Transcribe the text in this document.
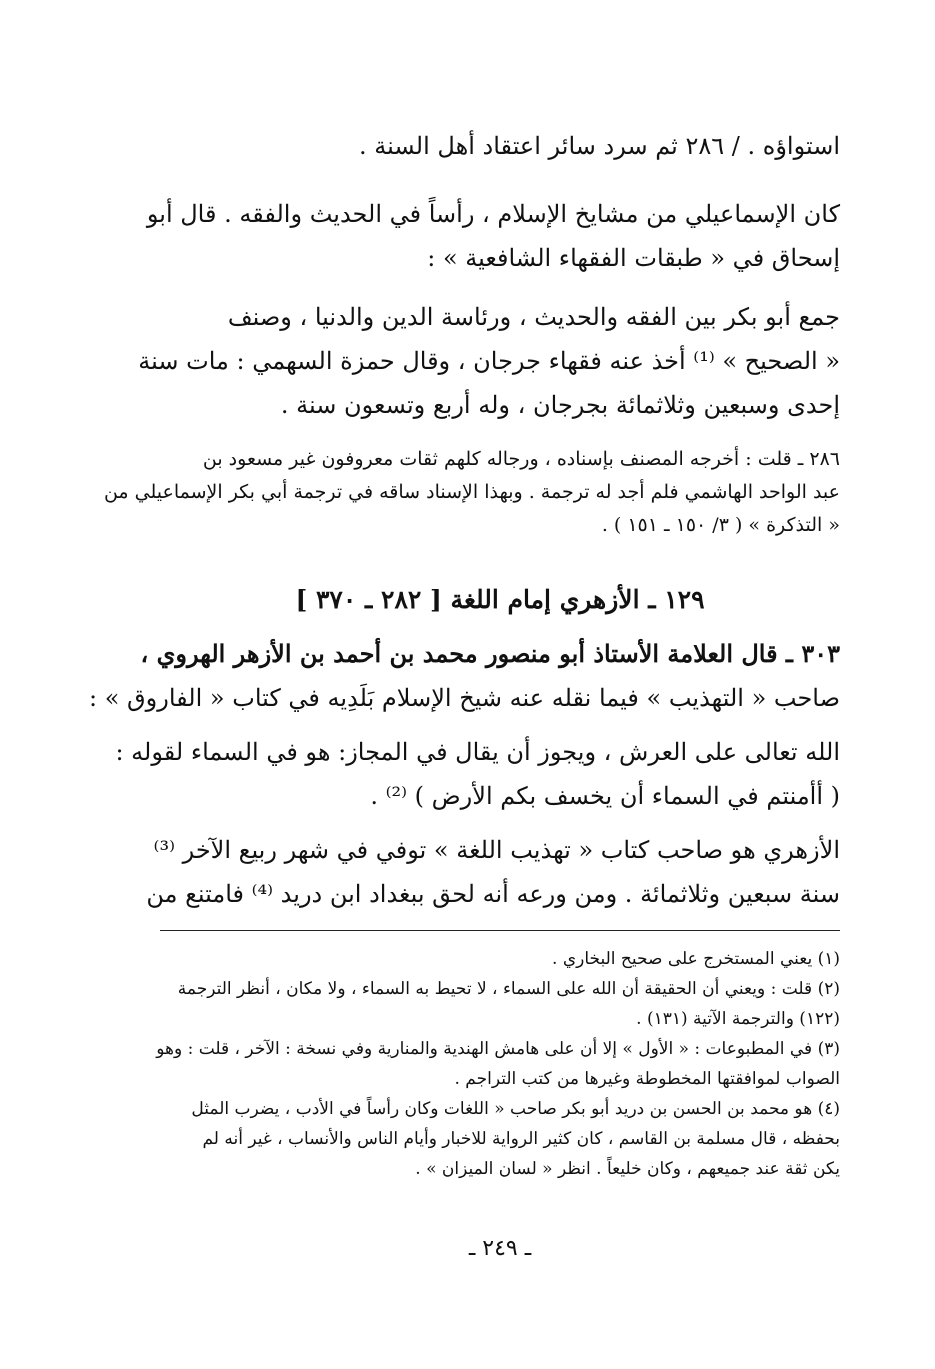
استواؤه . / ٢٨٦ ثم سرد سائر اعتقاد أهل السنة .
كان الإسماعيلي من مشايخ الإسلام ، رأساً في الحديث والفقه . قال أبو
إسحاق في « طبقات الفقهاء الشافعية » :
جمع أبو بكر بين الفقه والحديث ، ورئاسة الدين والدنيا ، وصنف
« الصحيح » ⁽¹⁾ أخذ عنه فقهاء جرجان ، وقال حمزة السهمي : مات سنة
إحدى وسبعين وثلاثمائة بجرجان ، وله أربع وتسعون سنة .
٢٨٦ ـ قلت : أخرجه المصنف بإسناده ، ورجاله كلهم ثقات معروفون غير مسعود بن
عبد الواحد الهاشمي فلم أجد له ترجمة . وبهذا الإسناد ساقه في ترجمة أبي بكر الإسماعيلي من
« التذكرة » ( ٣/ ١٥٠ ـ ١٥١ ) .
١٢٩ ـ الأزهري إمام اللغة [ ٢٨٢ ـ ٣٧٠ ]
٣٠٣ ـ قال العلامة الأستاذ أبو منصور محمد بن أحمد بن الأزهر الهروي ،
صاحب « التهذيب » فيما نقله عنه شيخ الإسلام بَلَدِيه في كتاب « الفاروق » :
الله تعالى على العرش ، ويجوز أن يقال في المجاز: هو في السماء لقوله :
( أأمنتم في السماء أن يخسف بكم الأرض ) ⁽²⁾ .
الأزهري هو صاحب كتاب « تهذيب اللغة » توفي في شهر ربيع الآخر ⁽³⁾
سنة سبعين وثلاثمائة . ومن ورعه أنه لحق ببغداد ابن دريد ⁽⁴⁾ فامتنع من
(١) يعني المستخرج على صحيح البخاري .
(٢) قلت : ويعني أن الحقيقة أن الله على السماء ، لا تحيط به السماء ، ولا مكان ، أنظر الترجمة
(١٢٢) والترجمة الآتية (١٣١) .
(٣) في المطبوعات : « الأول » إلا أن على هامش الهندية والمنارية وفي نسخة : الآخر ، قلت : وهو
الصواب لموافقتها المخطوطة وغيرها من كتب التراجم .
(٤) هو محمد بن الحسن بن دريد أبو بكر صاحب « اللغات وكان رأساً في الأدب ، يضرب المثل
بحفظه ، قال مسلمة بن القاسم ، كان كثير الرواية للاخبار وأيام الناس والأنساب ، غير أنه لم
يكن ثقة عند جميعهم ، وكان خليعاً . انظر « لسان الميزان » .
ـ ٢٤٩ ـ
